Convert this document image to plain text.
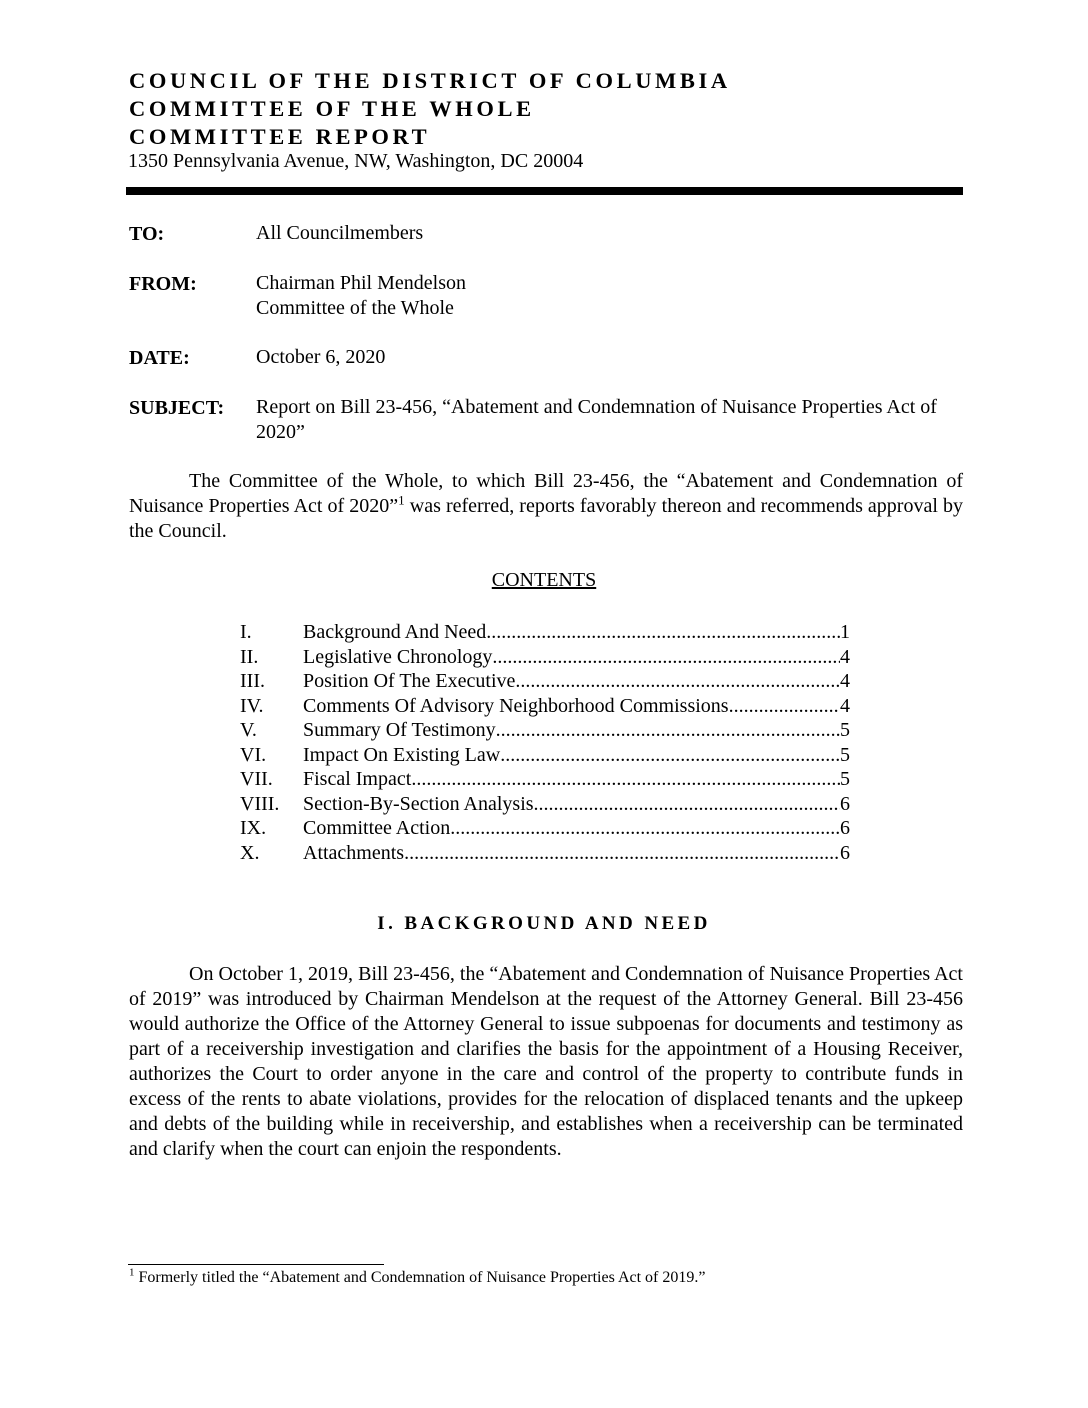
COUNCIL OF THE DISTRICT OF COLUMBIA
COMMITTEE OF THE WHOLE
COMMITTEE REPORT
1350 Pennsylvania Avenue, NW, Washington, DC 20004
TO:	All Councilmembers
FROM:	Chairman Phil Mendelson
Committee of the Whole
DATE:	October 6, 2020
SUBJECT: Report on Bill 23-456, “Abatement and Condemnation of Nuisance Properties Act of 2020”
The Committee of the Whole, to which Bill 23-456, the “Abatement and Condemnation of Nuisance Properties Act of 2020”$^1$ was referred, reports favorably thereon and recommends approval by the Council.
CONTENTS
I.	Background And Need .....	1
II. Legislative Chronology .....	4
III. Position Of The Executive .....	4
IV. Comments Of Advisory Neighborhood Commissions .....	4
V. Summary Of Testimony .....	5
VI. Impact On Existing Law .....	5
VII. Fiscal Impact .....	5
VIII. Section-By-Section Analysis .....	6
IX. Committee Action .....	6
X. Attachments .....	6
I. BACKGROUND AND NEED
On October 1, 2019, Bill 23-456, the “Abatement and Condemnation of Nuisance Properties Act of 2019” was introduced by Chairman Mendelson at the request of the Attorney General. Bill 23-456 would authorize the Office of the Attorney General to issue subpoenas for documents and testimony as part of a receivership investigation and clarifies the basis for the appointment of a Housing Receiver, authorizes the Court to order anyone in the care and control of the property to contribute funds in excess of the rents to abate violations, provides for the relocation of displaced tenants and the upkeep and debts of the building while in receivership, and establishes when a receivership can be terminated and clarify when the court can enjoin the respondents.
$^1$ Formerly titled the “Abatement and Condemnation of Nuisance Properties Act of 2019.”
